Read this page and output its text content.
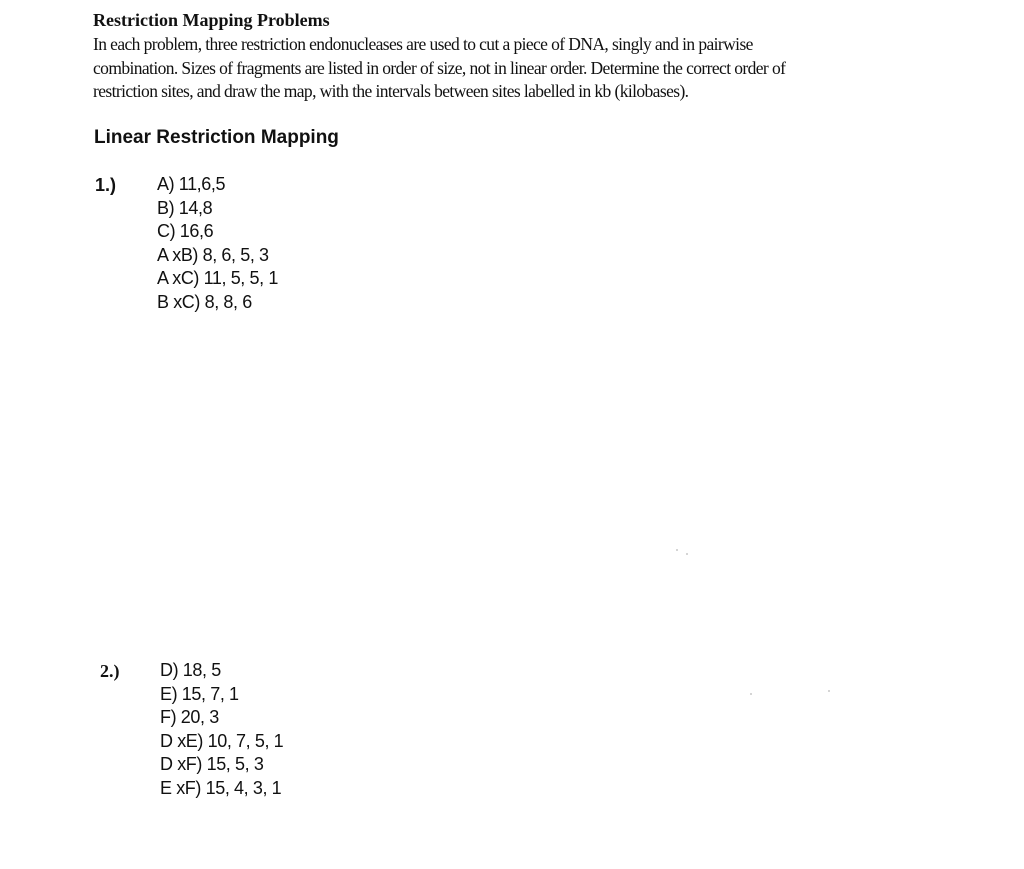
Restriction Mapping Problems
In each problem, three restriction endonucleases are used to cut a piece of DNA, singly and in pairwise
combination. Sizes of fragments are listed in order of size, not in linear order. Determine the correct order of
restriction sites, and draw the map, with the intervals between sites labelled in kb (kilobases).
Linear Restriction Mapping
1.) A) 11,6,5
B) 14,8
C) 16,6
A xB) 8, 6, 5, 3
A xC) 11, 5, 5, 1
B xC) 8, 8, 6
2.) D) 18, 5
E) 15, 7, 1
F) 20, 3
D xE) 10, 7, 5, 1
D xF) 15, 5, 3
E xF) 15, 4, 3, 1
